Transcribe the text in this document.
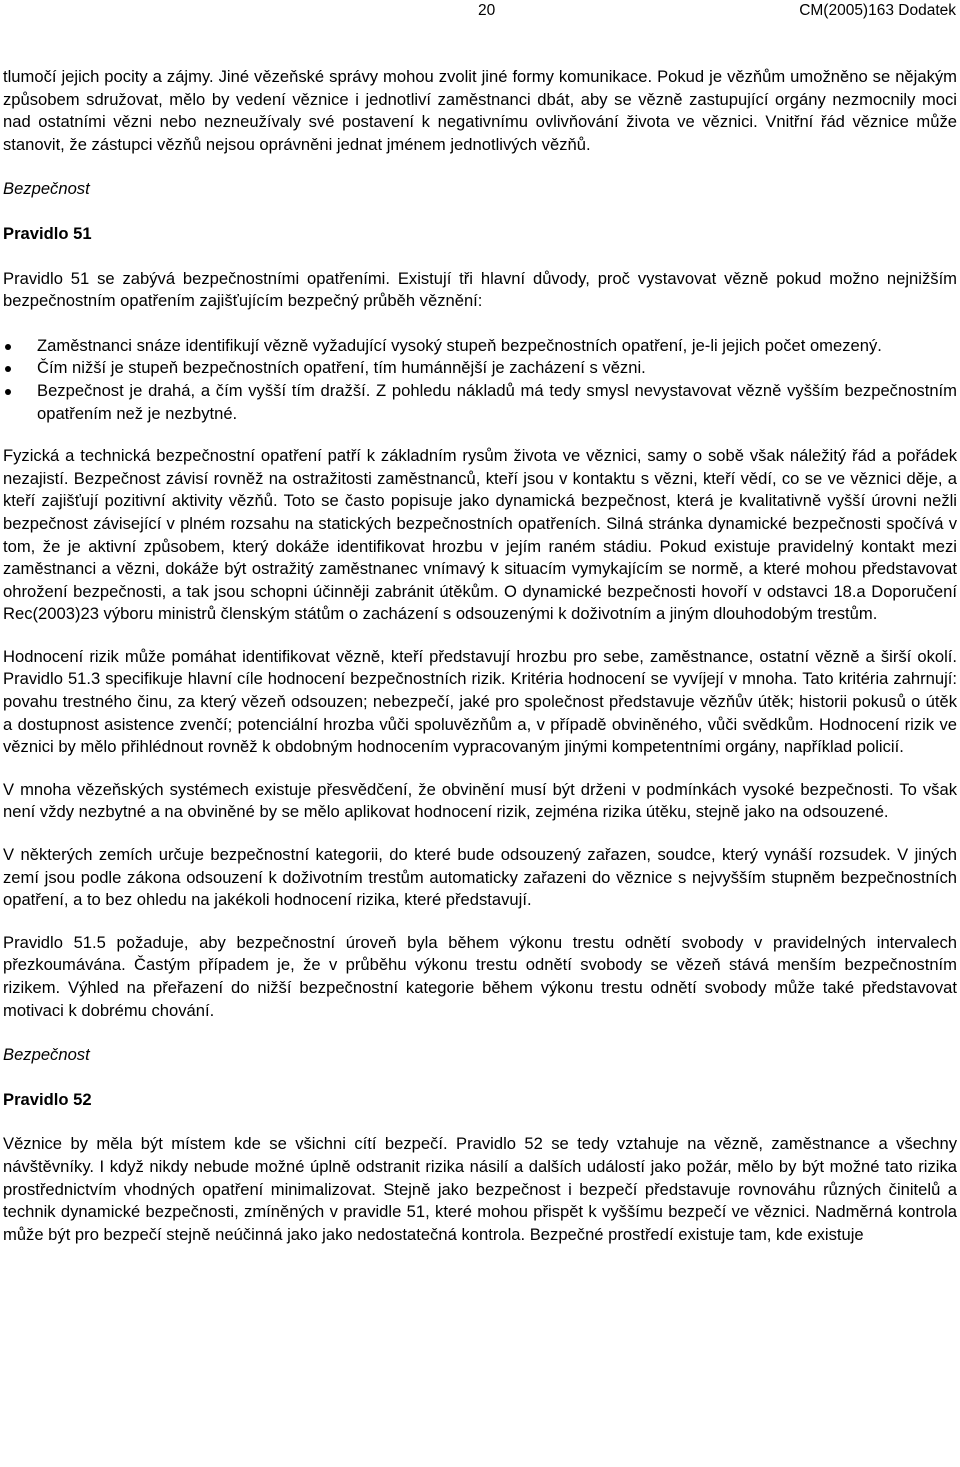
20	CM(2005)163 Dodatek

tlumočí jejich pocity a zájmy. Jiné vězeňské správy mohou zvolit jiné formy komunikace. Pokud je vězňům umožněno se nějakým způsobem sdružovat, mělo by vedení věznice i jednotliví zaměstnanci dbát, aby se vězně zastupující orgány nezmocnily moci nad ostatními vězni nebo nezneužívaly své postavení k negativnímu ovlivňování života ve věznici. Vnitřní řád věznice může stanovit, že zástupci vězňů nejsou oprávněni jednat jménem jednotlivých vězňů.

Bezpečnost

Pravidlo 51

Pravidlo 51 se zabývá bezpečnostními opatřeními. Existují tři hlavní důvody, proč vystavovat vězně pokud možno nejnižším bezpečnostním opatřením zajišťujícím bezpečný průběh věznění:

Zaměstnanci snáze identifikují vězně vyžadující vysoký stupeň bezpečnostních opatření, je-li jejich počet omezený.
Čím nižší je stupeň bezpečnostních opatření, tím humánnější je zacházení s vězni.
Bezpečnost je drahá, a čím vyšší tím dražší. Z pohledu nákladů má tedy smysl nevystavovat vězně vyšším bezpečnostním opatřením než je nezbytné.

Fyzická a technická bezpečnostní opatření patří k základním rysům života ve věznici, samy o sobě však náležitý řád a pořádek nezajistí. Bezpečnost závisí rovněž na ostražitosti zaměstnanců, kteří jsou v kontaktu s vězni, kteří vědí, co se ve věznici děje, a kteří zajišťují pozitivní aktivity vězňů. Toto se často popisuje jako dynamická bezpečnost, která je kvalitativně vyšší úrovni nežli bezpečnost závisející v plném rozsahu na statických bezpečnostních opatřeních. Silná stránka dynamické bezpečnosti spočívá v tom, že je aktivní způsobem, který dokáže identifikovat hrozbu v jejím raném stádiu. Pokud existuje pravidelný kontakt mezi zaměstnanci a vězni, dokáže být ostražitý zaměstnanec vnímavý k situacím vymykajícím se normě, a které mohou představovat ohrožení bezpečnosti, a tak jsou schopni účinněji zabránit útěkům. O dynamické bezpečnosti hovoří v odstavci 18.a Doporučení Rec(2003)23 výboru ministrů členským státům o zacházení s odsouzenými k doživotním a jiným dlouhodobým trestům.

Hodnocení rizik může pomáhat identifikovat vězně, kteří představují hrozbu pro sebe, zaměstnance, ostatní vězně a širší okolí. Pravidlo 51.3 specifikuje hlavní cíle hodnocení bezpečnostních rizik. Kritéria hodnocení se vyvíjejí v mnoha. Tato kritéria zahrnují: povahu trestného činu, za který vězeň odsouzen; nebezpečí, jaké pro společnost představuje vězňův útěk; historii pokusů o útěk a dostupnost asistence zvenčí; potenciální hrozba vůči spoluvězňům a, v případě obviněného, vůči svědkům. Hodnocení rizik ve věznici by mělo přihlédnout rovněž k obdobným hodnocením vypracovaným jinými kompetentními orgány, například policií.

V mnoha vězeňských systémech existuje přesvědčení, že obvinění musí být drženi v podmínkách vysoké bezpečnosti. To však není vždy nezbytné a na obviněné by se mělo aplikovat hodnocení rizik, zejména rizika útěku, stejně jako na odsouzené.

V některých zemích určuje bezpečnostní kategorii, do které bude odsouzený zařazen, soudce, který vynáší rozsudek. V jiných zemí jsou podle zákona odsouzení k doživotním trestům automaticky zařazeni do věznice s nejvyšším stupněm bezpečnostních opatření, a to bez ohledu na jakékoli hodnocení rizika, které představují.

Pravidlo 51.5 požaduje, aby bezpečnostní úroveň byla během výkonu trestu odnětí svobody v pravidelných intervalech přezkoumávána. Častým případem je, že v průběhu výkonu trestu odnětí svobody se vězeň stává menším bezpečnostním rizikem. Výhled na přeřazení do nižší bezpečnostní kategorie během výkonu trestu odnětí svobody může také představovat motivaci k dobrému chování.

Bezpečnost

Pravidlo 52

Věznice by měla být místem kde se všichni cítí bezpečí. Pravidlo 52 se tedy vztahuje na vězně, zaměstnance a všechny návštěvníky. I když nikdy nebude možné úplně odstranit rizika násilí a dalších událostí jako požár, mělo by být možné tato rizika prostřednictvím vhodných opatření minimalizovat. Stejně jako bezpečnost i bezpečí představuje rovnováhu různých činitelů a technik dynamické bezpečnosti, zmíněných v pravidle 51, které mohou přispět k vyššímu bezpečí ve věznici. Nadměrná kontrola může být pro bezpečí stejně neúčinná jako jako nedostatečná kontrola. Bezpečné prostředí existuje tam, kde existuje
